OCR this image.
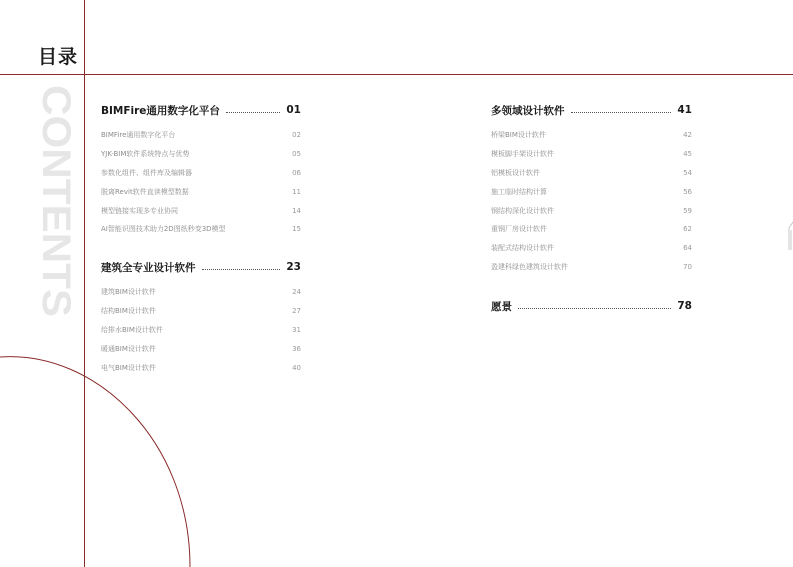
目录
CONTENTS BIMFire通用数字化平台	01
BIMFire通用数字化平台	02
YJK-BIM软件系统特点与优势	05
参数化组件、组件库及编辑器	06
脱离Revit软件直读模型数据	11
模型链接实现多专业协同	14
AI智能识图技术助力2D图纸秒变3D模型	15
建筑全专业设计软件	23
建筑BIM设计软件	24
结构BIM设计软件	27
给排水BIM设计软件	31
暖通BIM设计软件	36
电气BIM设计软件	40
多领域设计软件	41
桥梁BIM设计软件	42
模板脚手架设计软件	45
铝模板设计软件	54
施工临时结构计算	56
钢结构深化设计软件	59
重钢厂房设计软件	62
装配式结构设计软件	64
盈建科绿色建筑设计软件	70
愿景	78
